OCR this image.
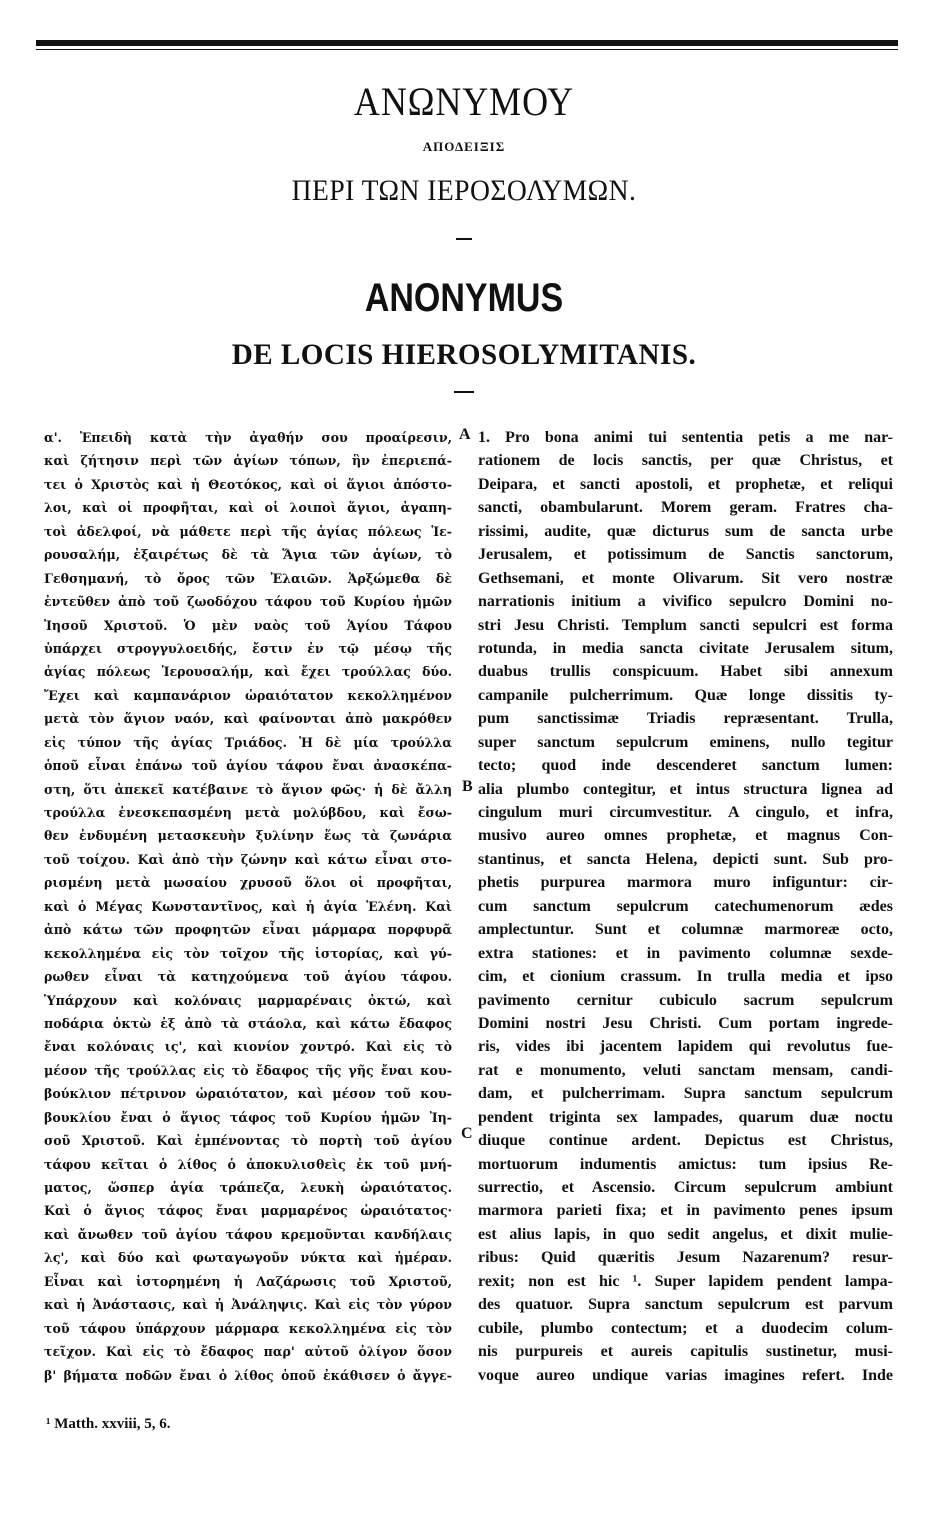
ΑΝΩΝΥΜΟΥ
ΑΠΟΔΕΙΞΙΣ
ΠΕΡΙ ΤΩΝ ΙΕΡΟΣΟΛΥΜΩΝ.
ANONYMUS
DE LOCIS HIEROSOLYMITANIS.
α'. Ἐπειδὴ κατὰ τὴν ἀγαθήν σου προαίρεσιν,
καὶ ζήτησιν περὶ τῶν ἁγίων τόπων, ἣν ἐπεριεπά-
τει ὁ Χριστὸς καὶ ἡ Θεοτόκος, καὶ οἱ ἅγιοι ἀπόστο-
λοι, καὶ οἱ προφῆται, καὶ οἱ λοιποὶ ἅγιοι, ἀγαπη-
τοὶ ἀδελφοί, νὰ μάθετε περὶ τῆς ἁγίας πόλεως Ἱε-
ρουσαλήμ, ἐξαιρέτως δὲ τὰ Ἅγια τῶν ἁγίων, τὸ
Γεθσημανή, τὸ ὄρος τῶν Ἐλαιῶν. Ἀρξώμεθα δὲ
ἐντεῦθεν ἀπὸ τοῦ ζωοδόχου τάφου τοῦ Κυρίου ἡμῶν
Ἰησοῦ Χριστοῦ. Ὁ μὲν ναὸς τοῦ Ἁγίου Τάφου
ὑπάρχει στρογγυλοειδής, ἔστιν ἐν τῷ μέσῳ τῆς
ἁγίας πόλεως Ἱερουσαλήμ, καὶ ἔχει τρούλλας δύο.
Ἔχει καὶ καμπανάριον ὡραιότατον κεκολλημένον
μετὰ τὸν ἅγιον ναόν, καὶ φαίνονται ἀπὸ μακρόθεν
εἰς τύπον τῆς ἁγίας Τριάδος. Ἡ δὲ μία τρούλλα
ὁποῦ εἶναι ἐπάνω τοῦ ἁγίου τάφου ἔναι ἀνασκέπα-
στη, ὅτι ἀπεκεῖ κατέβαινε τὸ ἅγιον φῶς· ἡ δὲ ἄλλη
τρούλλα ἐνεσκεπασμένη μετὰ μολύβδου, καὶ ἔσω-
θεν ἐνδυμένη μετασκευὴν ξυλίνην ἕως τὰ ζωνάρια
τοῦ τοίχου. Καὶ ἀπὸ τὴν ζώνην καὶ κάτω εἶναι στο-
ρισμένη μετὰ μωσαίου χρυσοῦ ὅλοι οἱ προφῆται,
καὶ ὁ Μέγας Κωνσταντῖνος, καὶ ἡ ἁγία Ἑλένη. Καὶ
ἀπὸ κάτω τῶν προφητῶν εἶναι μάρμαρα πορφυρᾶ
κεκολλημένα εἰς τὸν τοῖχον τῆς ἱστορίας, καὶ γύ-
ρωθεν εἶναι τὰ κατηχούμενα τοῦ ἁγίου τάφου.
Ὑπάρχουν καὶ κολόναις μαρμαρέναις ὀκτώ, καὶ
ποδάρια ὀκτὼ ἐξ ἀπὸ τὰ στάολα, καὶ κάτω ἔδαφος
ἔναι κολόναις ις', καὶ κιονίον χοντρό. Καὶ εἰς τὸ
μέσον τῆς τρούλλας εἰς τὸ ἔδαφος τῆς γῆς ἔναι κου-
βούκλιον πέτρινον ὡραιότατον, καὶ μέσον τοῦ κου-
βουκλίου ἔναι ὁ ἅγιος τάφος τοῦ Κυρίου ἡμῶν Ἰη-
σοῦ Χριστοῦ. Καὶ ἐμπένοντας τὸ πορτὴ τοῦ ἁγίου
τάφου κεῖται ὁ λίθος ὁ ἀποκυλισθεὶς ἐκ τοῦ μνή-
ματος, ὥσπερ ἁγία τράπεζα, λευκὴ ὡραιότατος.
Καὶ ὁ ἅγιος τάφος ἔναι μαρμαρένος ὡραιότατος·
καὶ ἄνωθεν τοῦ ἁγίου τάφου κρεμοῦνται κανδήλαις
λς', καὶ δύο καὶ φωταγωγοῦν νύκτα καὶ ἡμέραν.
Εἶναι καὶ ἱστορημένη ἡ Λαζάρωσις τοῦ Χριστοῦ,
καὶ ἡ Ἀνάστασις, καὶ ἡ Ἀνάληψις. Καὶ εἰς τὸν γύρον
τοῦ τάφου ὑπάρχουν μάρμαρα κεκολλημένα εἰς τὸν
τεῖχον. Καὶ εἰς τὸ ἔδαφος παρ' αὐτοῦ ὀλίγον ὅσον
β' βήματα ποδῶν ἔναι ὁ λίθος ὁποῦ ἐκάθισεν ὁ ἄγγε-
1. Pro bona animi tui sententia petis a me nar-
rationem de locis sanctis, per quæ Christus, et
Deipara, et sancti apostoli, et prophetæ, et reliqui
sancti, obambularunt. Morem geram. Fratres cha-
rissimi, audite, quæ dicturus sum de sancta urbe
Jerusalem, et potissimum de Sanctis sanctorum,
Gethsemani, et monte Olivarum. Sit vero nostræ
narrationis initium a vivifico sepulcro Domini no-
stri Jesu Christi. Templum sancti sepulcri est forma
rotunda, in media sancta civitate Jerusalem situm,
duabus trullis conspicuum. Habet sibi annexum
campanile pulcherrimum. Quæ longe dissitis ty-
pum sanctissimæ Triadis repræsentant. Trulla,
super sanctum sepulcrum eminens, nullo tegitur
tecto; quod inde descenderet sanctum lumen:
alia plumbo contegitur, et intus structura lignea ad
cingulum muri circumvestitur. A cingulo, et infra,
musivo aureo omnes prophetæ, et magnus Con-
stantinus, et sancta Helena, depicti sunt. Sub pro-
phetis purpurea marmora muro infiguntur: cir-
cum sanctum sepulcrum catechumenorum ædes
amplectuntur. Sunt et columnæ marmoreæ octo,
extra stationes: et in pavimento columnæ sexde-
cim, et cionium crassum. In trulla media et ipso
pavimento cernitur cubiculo sacrum sepulcrum
Domini nostri Jesu Christi. Cum portam ingrede-
ris, vides ibi jacentem lapidem qui revolutus fue-
rat e monumento, veluti sanctam mensam, candi-
dam, et pulcherrimam. Supra sanctum sepulcrum
pendent triginta sex lampades, quarum duæ noctu
diuque continue ardent. Depictus est Christus,
mortuorum indumentis amictus: tum ipsius Re-
surrectio, et Ascensio. Circum sepulcrum ambiunt
marmora parieti fixa; et in pavimento penes ipsum
est alius lapis, in quo sedit angelus, et dixit mulie-
ribus: Quid quæritis Jesum Nazarenum? resur-
rexit; non est hic ¹. Super lapidem pendent lampa-
des quatuor. Supra sanctum sepulcrum est parvum
cubile, plumbo contectum; et a duodecim colum-
nis purpureis et aureis capitulis sustinetur, musi-
voque aureo undique varias imagines refert. Inde
A
B
C
¹ Matth. xxviii, 5, 6.
